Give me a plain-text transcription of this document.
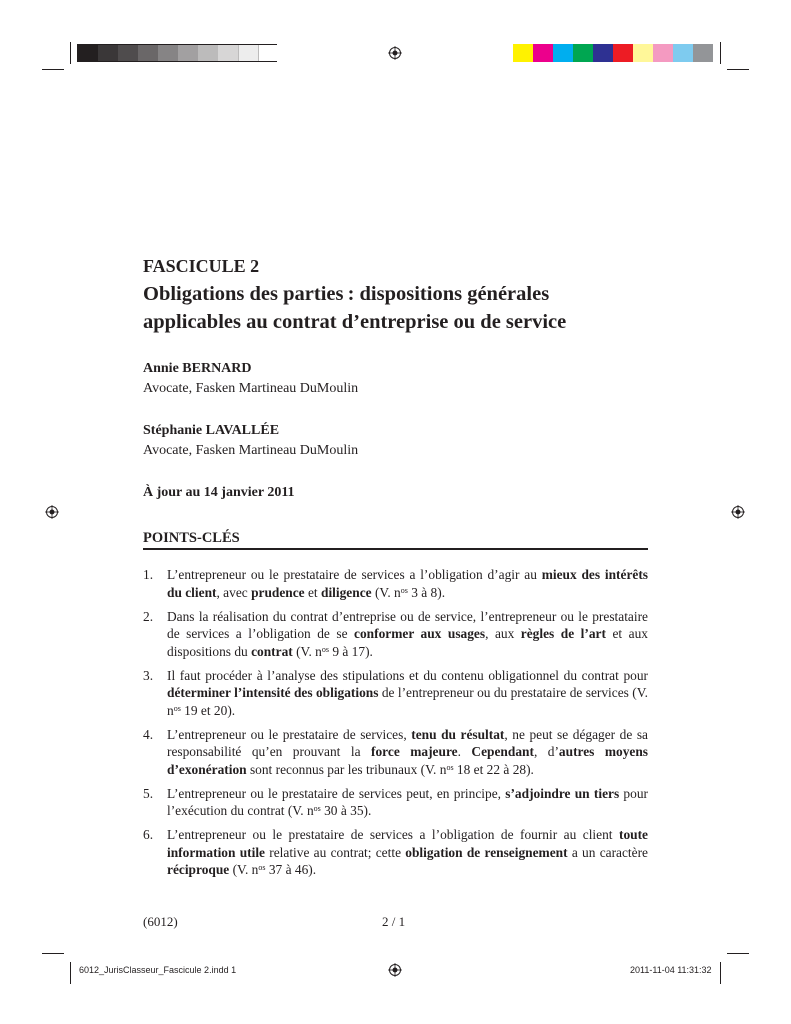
FASCICULE 2
Obligations des parties : dispositions générales
applicables au contrat d’entreprise ou de service
Annie BERNARD
Avocate, Fasken Martineau DuMoulin
Stéphanie LAVALLÉE
Avocate, Fasken Martineau DuMoulin
À jour au 14 janvier 2011
POINTS-CLÉS
1. L’entrepreneur ou le prestataire de services a l’obligation d’agir au mieux des intérêts du client, avec prudence et diligence (V. $n^{os}$ 3 à 8).
2. Dans la réalisation du contrat d’entreprise ou de service, l’entrepreneur ou le prestataire de services a l’obligation de se conformer aux usages, aux règles de l’art et aux dispositions du contrat (V. $n^{os}$ 9 à 17).
3. Il faut procéder à l’analyse des stipulations et du contenu obligationnel du contrat pour déterminer l’intensité des obligations de l’entrepreneur ou du prestataire de services (V. $n^{os}$ 19 et 20).
4. L’entrepreneur ou le prestataire de services, tenu du résultat, ne peut se dégager de sa responsabilité qu’en prouvant la force majeure. Cependant, d’autres moyens d’exonération sont reconnus par les tribunaux (V. $n^{os}$ 18 et 22 à 28).
5. L’entrepreneur ou le prestataire de services peut, en principe, s’adjoindre un tiers pour l’exécution du contrat (V. $n^{os}$ 30 à 35).
6. L’entrepreneur ou le prestataire de services a l’obligation de fournir au client toute information utile relative au contrat; cette obligation de renseignement a un caractère réciproque (V. $n^{os}$ 37 à 46).
(6012)	2 / 1
6012_JurisClasseur_Fascicule 2.indd 1	2011-11-04 11:31:32
